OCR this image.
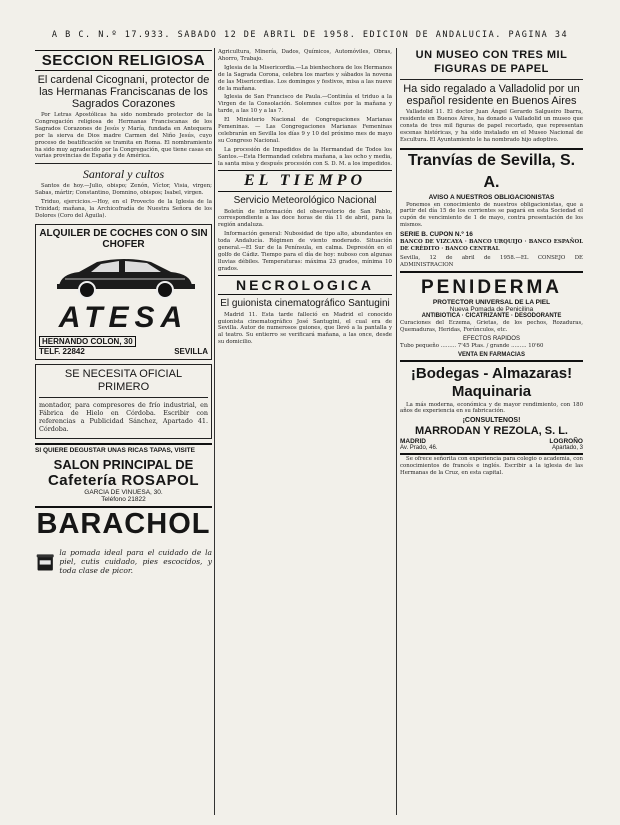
A B C. N.º 17.933. SABADO 12 DE ABRIL DE 1958. EDICION DE ANDALUCIA. PAGINA 34
SECCION RELIGIOSA
El cardenal Cicognani, protector de las Hermanas Franciscanas de los Sagrados Corazones

Por Letras Apostólicas ha sido nombrado protector de la Congregación religiosa de Hermanas Franciscanas de los Sagrados Corazones de Jesús y María, fundada en Antequera por la sierva de Dios madre Carmen del Niño Jesús, cuyo proceso de beatificación se tramita en Roma. El nombramiento ha sido muy agradecido por la Congregación, que tiene casas en varias provincias de España y de América.

Santoral y cultos

Santos de hoy.—Julio, obispo; Zenón, Víctor, Visia, virgen; Sabas, mártir; Constantino, Domnino, obispos; Isabel, virgen.

Triduo, ejercicios.—Hoy, en el Provecto de la Iglesia de la Trinidad; mañana, la Archicofradía de Nuestra Señora de los Dolores (Coro del Águila).

ALQUILER DE COCHES CON O SIN CHOFER
ATESA
HERNANDO COLON, 30
TELF. 22842	SEVILLA
SE NECESITA OFICIAL PRIMERO

montador, para compresores de frío industrial, en Fábrica de Hielo en Córdoba. Escribir con referencias a Publicidad Sánchez, Apartado 41. Córdoba.

SI QUIERE DEGUSTAR UNAS RICAS TAPAS, VISITE
SALON PRINCIPAL DE
Cafetería ROSAPOL
GARCIA DE VINUESA, 30.
Teléfono 21822
BARACHOL

la pomada ideal para el cuidado de la piel, cutis cuidado, pies escocidos, y toda clase de picor.

Agricultura, Minería, Dados, Químicos, Automóviles, Obras, Ahorro, Trabajo.

Iglesia de la Misericordia.—La bienhechora de los Hermanos de la Sagrada Corona, celebra los martes y sábados la novena de las Misericordias. Los domingos y festivos, misa a las nueve de la mañana.

Iglesia de San Francisco de Paula.—Continúa el triduo a la Virgen de la Consolación. Solemnes cultos por la mañana y tarde, a las 10 y a las 7.

El Ministerio Nacional de Congregaciones Marianas Femeninas. — Las Congregaciones Marianas Femeninas celebrarán en Sevilla los días 9 y 10 del próximo mes de mayo su Congreso Nacional.

La procesión de Impedidos de la Hermandad de Todos los Santos.—Esta Hermandad celebra mañana, a las ocho y media, la santa misa y después procesión con S. D. M. a los impedidos.

EL TIEMPO
Servicio Meteorológico Nacional

Boletín de información del observatorio de San Pablo, correspondiente a las doce horas de día 11 de abril, para la región andaluza.

Información general: Nubosidad de tipo alto, abundantes en toda Andalucía. Régimen de viento moderado. Situación general.—El Sur de la Península, en calma. Depresión en el golfo de Cádiz. Tiempo para el día de hoy: nuboso con algunas lluvias débiles. Temperaturas: máxima 23 grados, mínima 10 grados.

NECROLOGICA
El guionista cinematográfico Santugini

Madrid 11. Esta tarde falleció en Madrid el conocido guionista cinematográfico José Santugini, el cual era de Sevilla. Autor de numerosos guiones, que llevó a la pantalla y al teatro. Su entierro se verificará mañana, a las once, desde su domicilio.

UN MUSEO CON TRES MIL FIGURAS DE PAPEL
Ha sido regalado a Valladolid por un español residente en Buenos Aires

Valladolid 11. El doctor Juan Ángel Gerardo Salgueiro Ibarra, residente en Buenos Aires, ha donado a Valladolid un museo que consta de tres mil figuras de papel recortado, que representan escenas históricas, y ha sido instalado en el Museo Nacional de Escultura. El Ayuntamiento le ha nombrado hijo adoptivo.

Tranvías de Sevilla, S. A.
AVISO A NUESTROS OBLIGACIONISTAS

Ponemos en conocimiento de nuestros obligacionistas, que a partir del día 15 de los corrientes se pagará en esta Sociedad el cupón de vencimiento de 1 de mayo, contra presentación de los mismos.

SERIE B. CUPON N.º 16

BANCO DE VIZCAYA · BANCO URQUIJO · BANCO ESPAÑOL DE CRÉDITO · BANCO CENTRAL

Sevilla, 12 de abril de 1958.—EL CONSEJO DE ADMINISTRACION

PENIDERMA
PROTECTOR UNIVERSAL DE LA PIEL
Nueva Pomada de Penicilina
ANTIBIOTICA · CICATRIZANTE · DESODORANTE

Curaciones del Eczema, Grietas, de los pechos, Rozaduras, Quemaduras, Heridas, Forúnculos, etc.

EFECTOS RAPIDOS

Tubo pequeño ......... 7'45 Ptas. / grande ......... 10'60

VENTA EN FARMACIAS
¡Bodegas - Almazaras!
Maquinaria

La más moderna, económica y de mayor rendimiento, con 180 años de experiencia en su fabricación.

¡CONSULTENOS!
MARRODAN Y REZOLA, S. L.
MADRID	LOGROÑO
Av. Prado, 46.	Apartado, 3

Se ofrece señorita con experiencia para colegio o academia, con conocimientos de francés e inglés. Escribir a la iglesia de las Hermanas de la Cruz, en esta capital.
